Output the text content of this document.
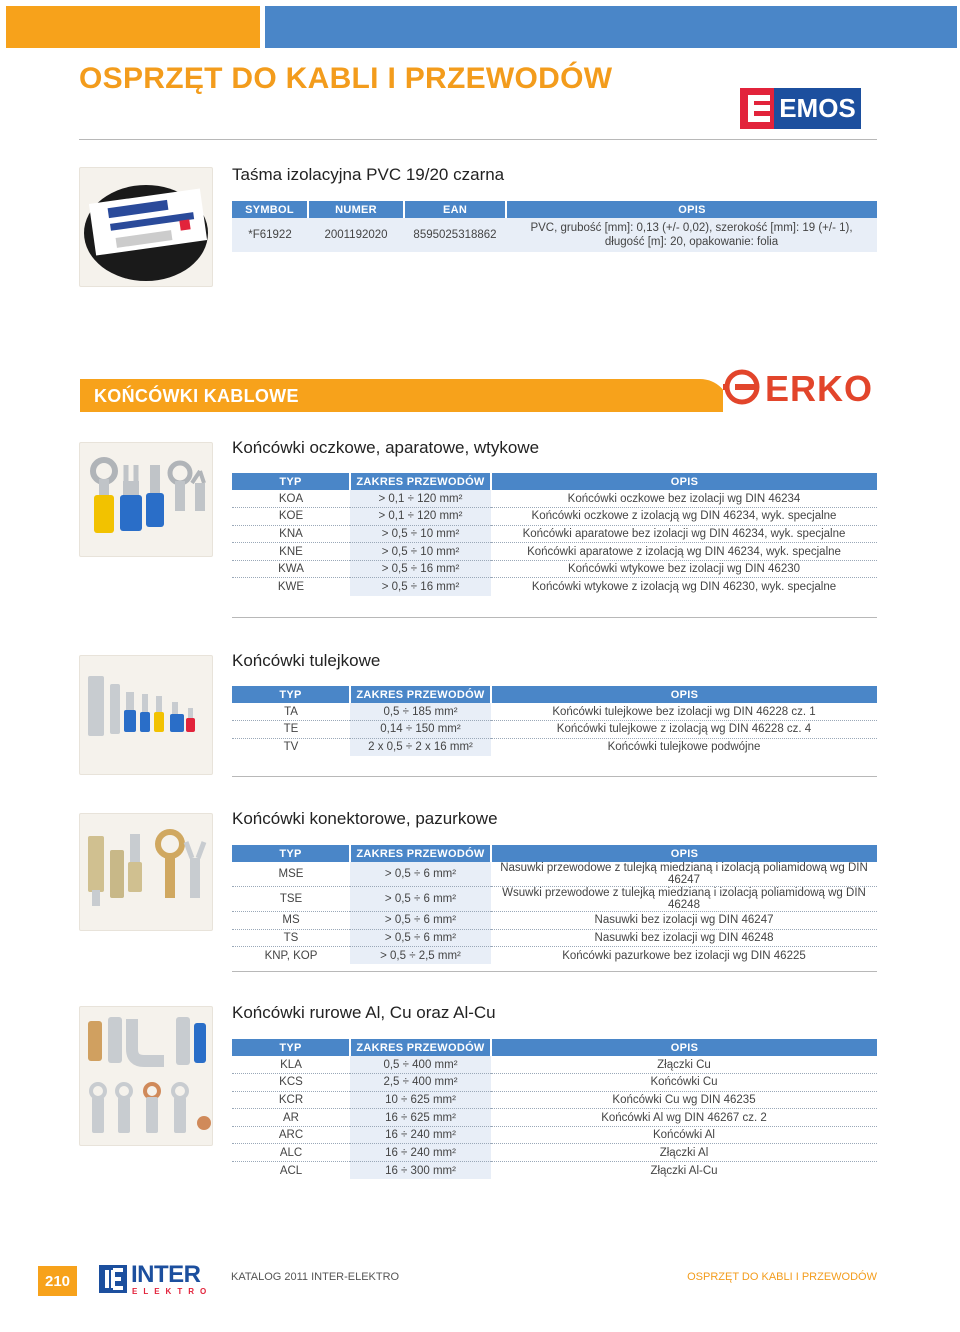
OSPRZĘT DO KABLI I PRZEWODÓW
EMOS
Taśma izolacyjna PVC 19/20 czarna
SYMBOL	NUMER	EAN	OPIS
*F61922	2001192020	8595025318862	PVC, grubość [mm]: 0,13 (+/- 0,02), szerokość [mm]: 19 (+/- 1), długość [m]: 20, opakowanie: folia
KOŃCÓWKI KABLOWE	ERKO
Końcówki oczkowe, aparatowe, wtykowe
TYP	ZAKRES PRZEWODÓW	OPIS
KOA	> 0,1 ÷ 120 mm²	Końcówki oczkowe bez izolacji wg DIN 46234
KOE	> 0,1 ÷ 120 mm²	Końcówki oczkowe z izolacją wg DIN 46234, wyk. specjalne
KNA	> 0,5 ÷ 10 mm²	Końcówki aparatowe bez izolacji wg DIN 46234, wyk. specjalne
KNE	> 0,5 ÷ 10 mm²	Końcówki aparatowe z izolacją wg DIN 46234, wyk. specjalne
KWA	> 0,5 ÷ 16 mm²	Końcówki wtykowe bez izolacji wg DIN 46230
KWE	> 0,5 ÷ 16 mm²	Końcówki wtykowe z izolacją wg DIN 46230, wyk. specjalne
Końcówki tulejkowe
TYP	ZAKRES PRZEWODÓW	OPIS
TA	0,5 ÷ 185 mm²	Końcówki tulejkowe bez izolacji wg DIN 46228 cz. 1
TE	0,14 ÷ 150 mm²	Końcówki tulejkowe z izolacją wg DIN 46228 cz. 4
TV	2 x 0,5 ÷ 2 x 16 mm²	Końcówki tulejkowe podwójne
Końcówki konektorowe, pazurkowe
TYP	ZAKRES PRZEWODÓW	OPIS
MSE	> 0,5 ÷ 6 mm²	Nasuwki przewodowe z tulejką miedzianą i izolacją poliamidową wg DIN 46247
TSE	> 0,5 ÷ 6 mm²	Wsuwki przewodowe z tulejką miedzianą i izolacją poliamidową wg DIN 46248
MS	> 0,5 ÷ 6 mm²	Nasuwki bez izolacji wg DIN 46247
TS	> 0,5 ÷ 6 mm²	Nasuwki bez izolacji wg DIN 46248
KNP, KOP	> 0,5 ÷ 2,5 mm²	Końcówki pazurkowe bez izolacji wg DIN 46225
Końcówki rurowe Al, Cu oraz Al-Cu
TYP	ZAKRES PRZEWODÓW	OPIS
KLA	0,5 ÷ 400 mm²	Złączki Cu
KCS	2,5 ÷ 400 mm²	Końcówki Cu
KCR	10 ÷ 625 mm²	Końcówki Cu wg DIN 46235
AR	16 ÷ 625 mm²	Końcówki Al wg DIN 46267 cz. 2
ARC	16 ÷ 240 mm²	Końcówki Al
ALC	16 ÷ 240 mm²	Złączki Al
ACL	16 ÷ 300 mm²	Złączki Al-Cu
210	INTER
ELEKTRO
KATALOG 2011 INTER-ELEKTRO	OSPRZĘT DO KABLI I PRZEWODÓW
